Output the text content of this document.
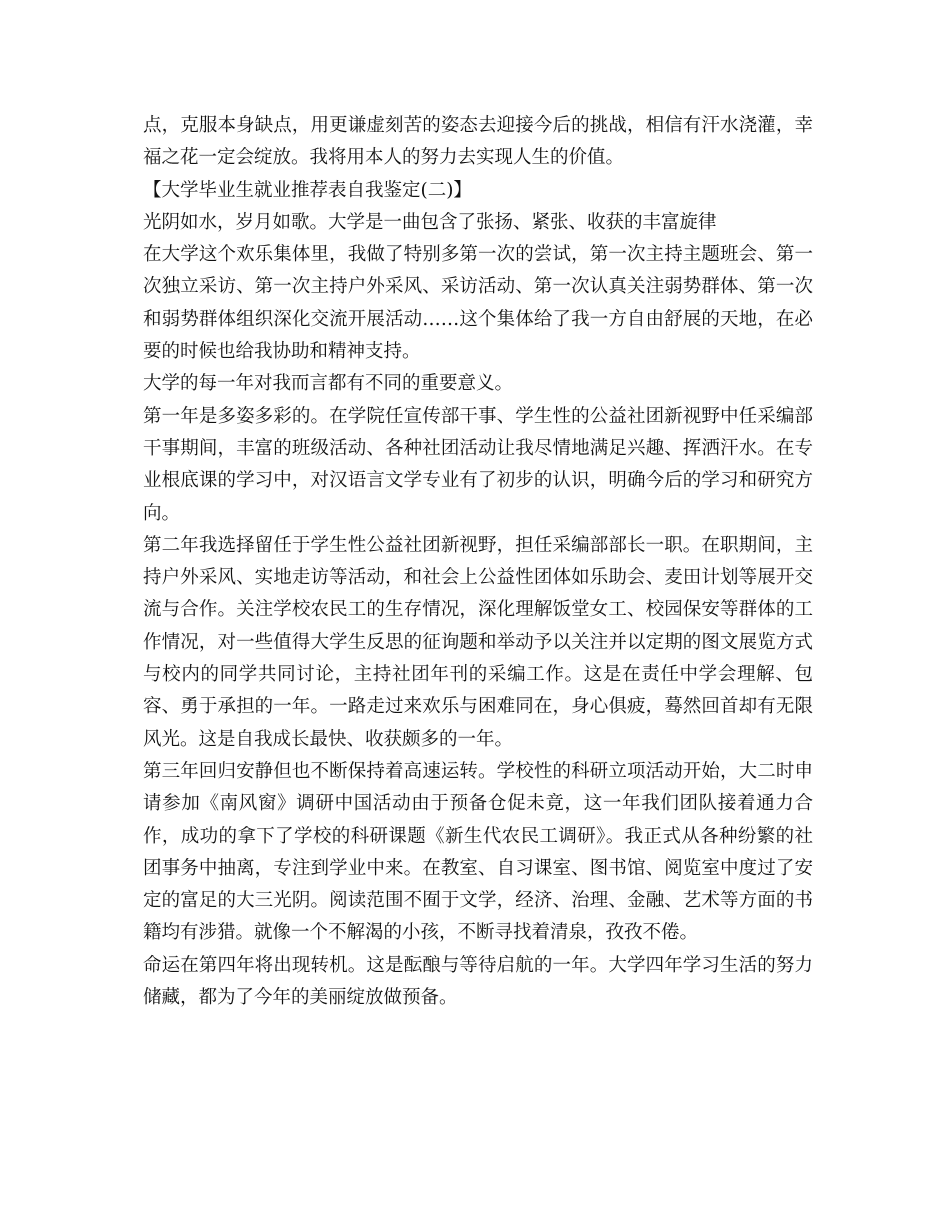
点，克服本身缺点，用更谦虚刻苦的姿态去迎接今后的挑战，相信有汗水浇灌，幸福之花一定会绽放。我将用本人的努力去实现人生的价值。

【大学毕业生就业推荐表自我鉴定(二)】

光阴如水，岁月如歌。大学是一曲包含了张扬、紧张、收获的丰富旋律

在大学这个欢乐集体里，我做了特别多第一次的尝试，第一次主持主题班会、第一次独立采访、第一次主持户外采风、采访活动、第一次认真关注弱势群体、第一次和弱势群体组织深化交流开展活动……这个集体给了我一方自由舒展的天地，在必要的时候也给我协助和精神支持。

大学的每一年对我而言都有不同的重要意义。

第一年是多姿多彩的。在学院任宣传部干事、学生性的公益社团新视野中任采编部干事期间，丰富的班级活动、各种社团活动让我尽情地满足兴趣、挥洒汗水。在专业根底课的学习中，对汉语言文学专业有了初步的认识，明确今后的学习和研究方向。

第二年我选择留任于学生性公益社团新视野，担任采编部部长一职。在职期间，主持户外采风、实地走访等活动，和社会上公益性团体如乐助会、麦田计划等展开交流与合作。关注学校农民工的生存情况，深化理解饭堂女工、校园保安等群体的工作情况，对一些值得大学生反思的征询题和举动予以关注并以定期的图文展览方式与校内的同学共同讨论，主持社团年刊的采编工作。这是在责任中学会理解、包容、勇于承担的一年。一路走过来欢乐与困难同在，身心俱疲，蓦然回首却有无限风光。这是自我成长最快、收获颇多的一年。

第三年回归安静但也不断保持着高速运转。学校性的科研立项活动开始，大二时申请参加《南风窗》调研中国活动由于预备仓促未竟，这一年我们团队接着通力合作，成功的拿下了学校的科研课题《新生代农民工调研》。我正式从各种纷繁的社团事务中抽离，专注到学业中来。在教室、自习课室、图书馆、阅览室中度过了安定的富足的大三光阴。阅读范围不囿于文学，经济、治理、金融、艺术等方面的书籍均有涉猎。就像一个不解渴的小孩，不断寻找着清泉，孜孜不倦。

命运在第四年将出现转机。这是酝酿与等待启航的一年。大学四年学习生活的努力储藏，都为了今年的美丽绽放做预备。
